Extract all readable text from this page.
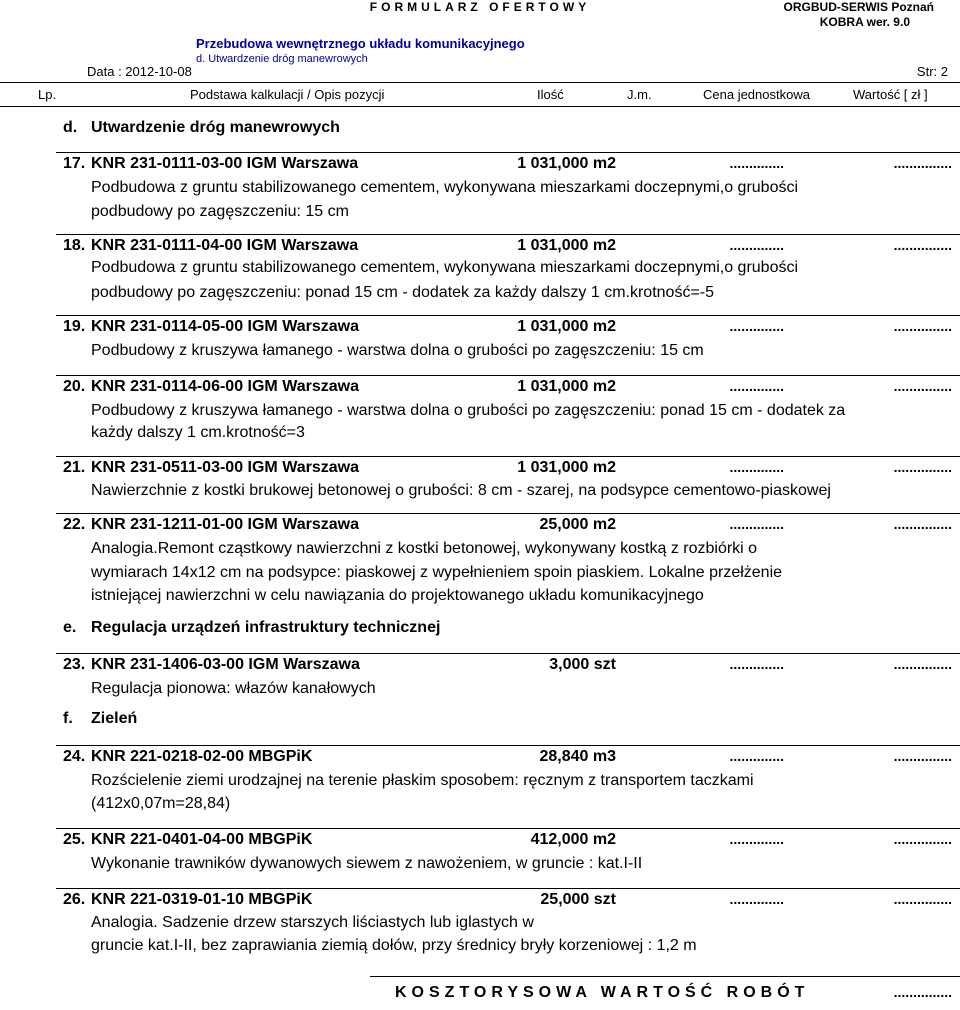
FORMULARZ OFERTOWY	ORGBUD-SERWIS Poznań
KOBRA wer. 9.0
Przebudowa wewnętrznego układu komunikacyjnego
d. Utwardzenie dróg manewrowych
Data : 2012-10-08	Str: 2
Lp.	Podstawa kalkulacji / Opis pozycji	Ilość	J.m.	Cena jednostkowa	Wartość [ zł ]
d. Utwardzenie dróg manewrowych
17. KNR 231-0111-03-00 IGM Warszawa	1 031,000 m2	..............	...............
Podbudowa z gruntu stabilizowanego cementem, wykonywana mieszarkami doczepnymi,o grubości
podbudowy po zagęszczeniu: 15 cm
18. KNR 231-0111-04-00 IGM Warszawa	1 031,000 m2	..............	...............
Podbudowa z gruntu stabilizowanego cementem, wykonywana mieszarkami doczepnymi,o grubości
podbudowy po zagęszczeniu: ponad 15 cm - dodatek za każdy dalszy 1 cm.krotność=-5
19. KNR 231-0114-05-00 IGM Warszawa	1 031,000 m2	..............	...............
Podbudowy z kruszywa łamanego - warstwa dolna o grubości po zagęszczeniu: 15 cm
20. KNR 231-0114-06-00 IGM Warszawa	1 031,000 m2	..............	...............
Podbudowy z kruszywa łamanego - warstwa dolna o grubości po zagęszczeniu: ponad 15 cm - dodatek za
każdy dalszy 1 cm.krotność=3
21. KNR 231-0511-03-00 IGM Warszawa	1 031,000 m2	..............	...............
Nawierzchnie z kostki brukowej betonowej o grubości: 8 cm - szarej, na podsypce cementowo-piaskowej
22. KNR 231-1211-01-00 IGM Warszawa	25,000 m2	..............	...............
Analogia.Remont cząstkowy nawierzchni z kostki betonowej, wykonywany kostką z rozbiórki o
wymiarach 14x12 cm na podsypce: piaskowej z wypełnieniem spoin piaskiem. Lokalne przełżenie
istniejącej nawierzchni w celu nawiązania do projektowanego układu komunikacyjnego
e. Regulacja urządzeń infrastruktury technicznej
23. KNR 231-1406-03-00 IGM Warszawa	3,000 szt	..............	...............
Regulacja pionowa: włazów kanałowych
f. Zieleń
24. KNR 221-0218-02-00 MBGPiK	28,840 m3	..............	...............
Rozścielenie ziemi urodzajnej na terenie płaskim sposobem: ręcznym z transportem taczkami
(412x0,07m=28,84)
25. KNR 221-0401-04-00 MBGPiK	412,000 m2	..............	...............
Wykonanie trawników dywanowych siewem z nawożeniem, w gruncie : kat.I-II
26. KNR 221-0319-01-10 MBGPiK	25,000 szt	..............	...............
Analogia. Sadzenie drzew starszych liściastych lub iglastych w
gruncie kat.I-II, bez zaprawiania ziemią dołów, przy średnicy bryły korzeniowej : 1,2 m
KOSZTORYSOWA WARTOŚĆ ROBÓT	...............
